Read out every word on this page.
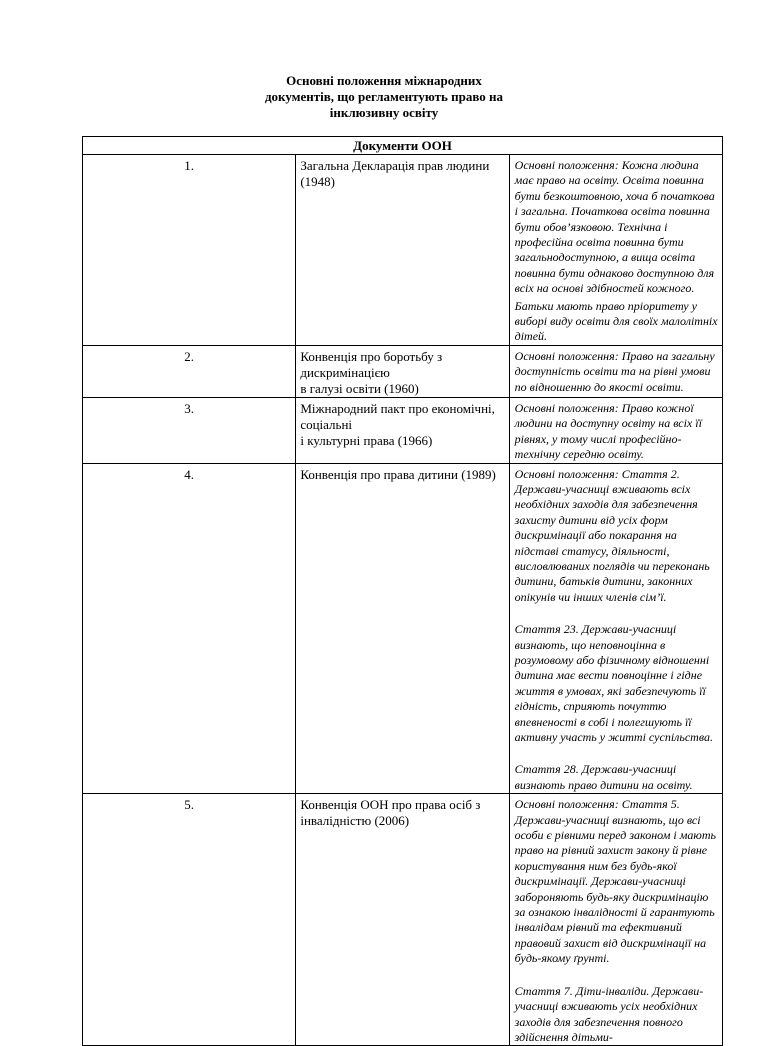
Основні положення міжнародних
документів, що регламентують право на
інклюзивну освіту
Документи ООН		
1.	Загальна Декларація прав людини (1948)	Основні положення: Кожна людина має право на освіту. Освіта повинна бути безкоштовною, хоча б початкова і загальна. Початкова освіта повинна бути обов’язковою. Технічна і професійна освіта повинна бути загальнодоступною, а вища освіта повинна бути однаково доступною для всіх на основі здібностей кожного.

Батьки мають право пріоритету у виборі виду освіти для своїх малолітніх дітей.

2.	Конвенція про боротьбу з дискримінацією
в галузі освіти (1960)	Основні положення: Право на загальну доступність освіти та на рівні умови по відношенню до якості освіти.

3.	Міжнародний пакт про економічні, соціальні
і культурні права (1966)	Основні положення: Право кожної людини на доступну освіту на всіх її рівнях, у тому числі професійно-технічну середню освіту.

4.	Конвенція про права дитини (1989)	Основні положення: Стаття 2. Держави-учасниці вживають всіх необхідних заходів для забезпечення захисту дитини від усіх форм дискримінації або покарання на підставі статусу, діяльності, висловлюваних поглядів чи переконань дитини, батьків дитини, законних опікунів чи інших членів сім’ї.

Стаття 23. Держави-учасниці визнають, що неповноцінна в розумовому або фізичному відношенні дитина має вести повноцінне і гідне життя в умовах, які забезпечують її гідність, сприяють почуттю впевненості в собі і полегшують її активну участь у житті суспільства.

Стаття 28. Держави-учасниці визнають право дитини на освіту.

5.	Конвенція ООН про права осіб з інвалідністю (2006)	Основні положення: Стаття 5. Держави-учасниці визнають, що всі особи є рівними перед законом і мають право на рівний захист закону й рівне користування ним без будь-якої дискримінації. Держави-учасниці забороняють будь-яку дискримінацію за ознакою інвалідності й гарантують інвалідам рівний та ефективний правовий захист від дискримінації на будь-якому ґрунті.

Стаття 7. Діти-інваліди. Держави-учасниці вживають усіх необхідних заходів для забезпечення повного здійснення дітьми-
